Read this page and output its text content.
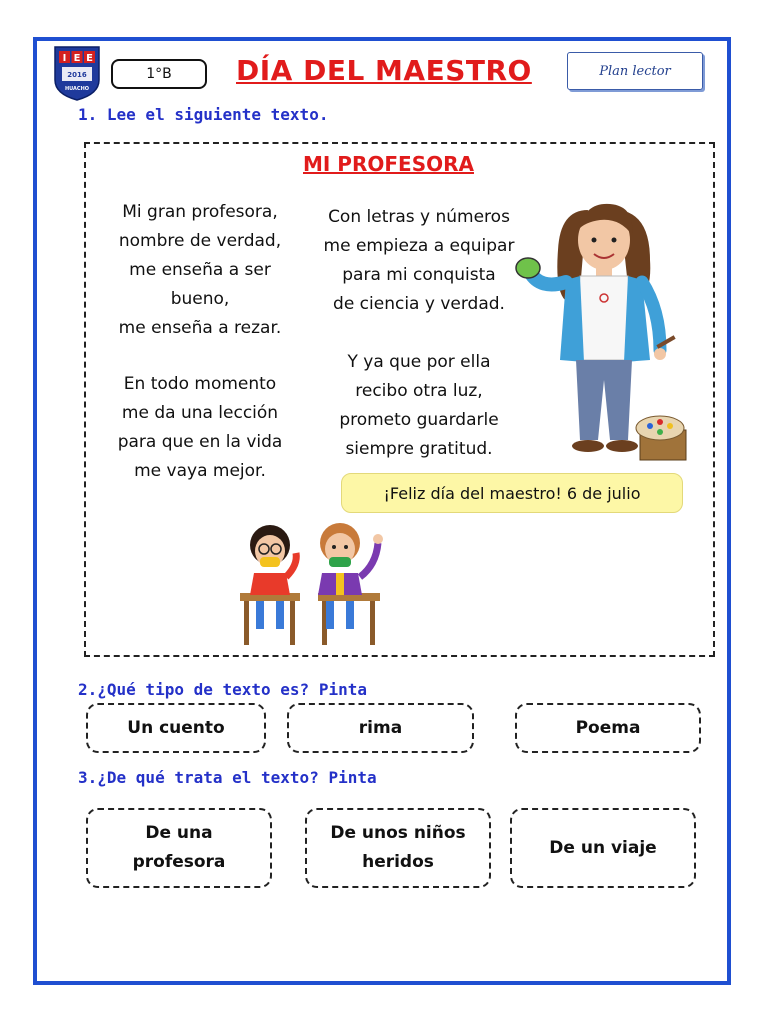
I E E
2016
HUACHO
1°B	DÍA DEL MAESTRO	Plan lector
1. Lee el siguiente texto.
MI PROFESORA
Mi gran profesora,
nombre de verdad,
me enseña a ser
bueno,
me enseña a rezar.
En todo momento
me da una lección
para que en la vida
me vaya mejor.
Con letras y números
me empieza a equipar
para mi conquista
de ciencia y verdad.
Y ya que por ella
recibo otra luz,
prometo guardarle
siempre gratitud.
¡Feliz día del maestro! 6 de julio
2.¿Qué tipo de texto es? Pinta
Un cuento	rima	Poema
3.¿De qué trata el texto? Pinta
De una
profesora
De unos niños
heridos
De un viaje
